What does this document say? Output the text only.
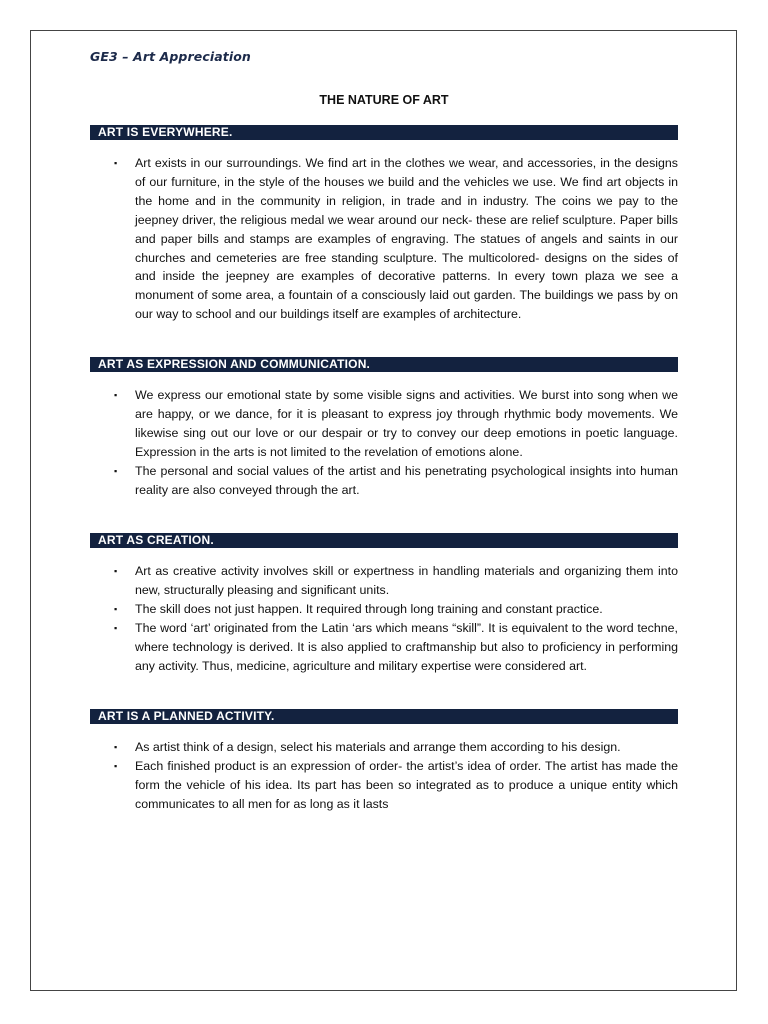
GE3 – Art Appreciation
THE NATURE OF ART
ART IS EVERYWHERE.
▪ Art exists in our surroundings. We find art in the clothes we wear, and accessories, in the designs of our furniture, in the style of the houses we build and the vehicles we use. We find art objects in the home and in the community in religion, in trade and in industry. The coins we pay to the jeepney driver, the religious medal we wear around our neck- these are relief sculpture. Paper bills and paper bills and stamps are examples of engraving. The statues of angels and saints in our churches and cemeteries are free standing sculpture. The multicolored- designs on the sides of and inside the jeepney are examples of decorative patterns. In every town plaza we see a monument of some area, a fountain of a consciously laid out garden. The buildings we pass by on our way to school and our buildings itself are examples of architecture.
ART AS EXPRESSION AND COMMUNICATION.
▪ We express our emotional state by some visible signs and activities. We burst into song when we are happy, or we dance, for it is pleasant to express joy through rhythmic body movements. We likewise sing out our love or our despair or try to convey our deep emotions in poetic language. Expression in the arts is not limited to the revelation of emotions alone.
▪ The personal and social values of the artist and his penetrating psychological insights into human reality are also conveyed through the art.
ART AS CREATION.
▪ Art as creative activity involves skill or expertness in handling materials and organizing them into new, structurally pleasing and significant units.
▪ The skill does not just happen. It required through long training and constant practice.
▪ The word ‘art’ originated from the Latin ‘ars which means “skill”. It is equivalent to the word techne, where technology is derived. It is also applied to craftmanship but also to proficiency in performing any activity. Thus, medicine, agriculture and military expertise were considered art.
ART IS A PLANNED ACTIVITY.
▪ As artist think of a design, select his materials and arrange them according to his design.
▪ Each finished product is an expression of order- the artist’s idea of order. The artist has made the form the vehicle of his idea. Its part has been so integrated as to produce a unique entity which communicates to all men for as long as it lasts
